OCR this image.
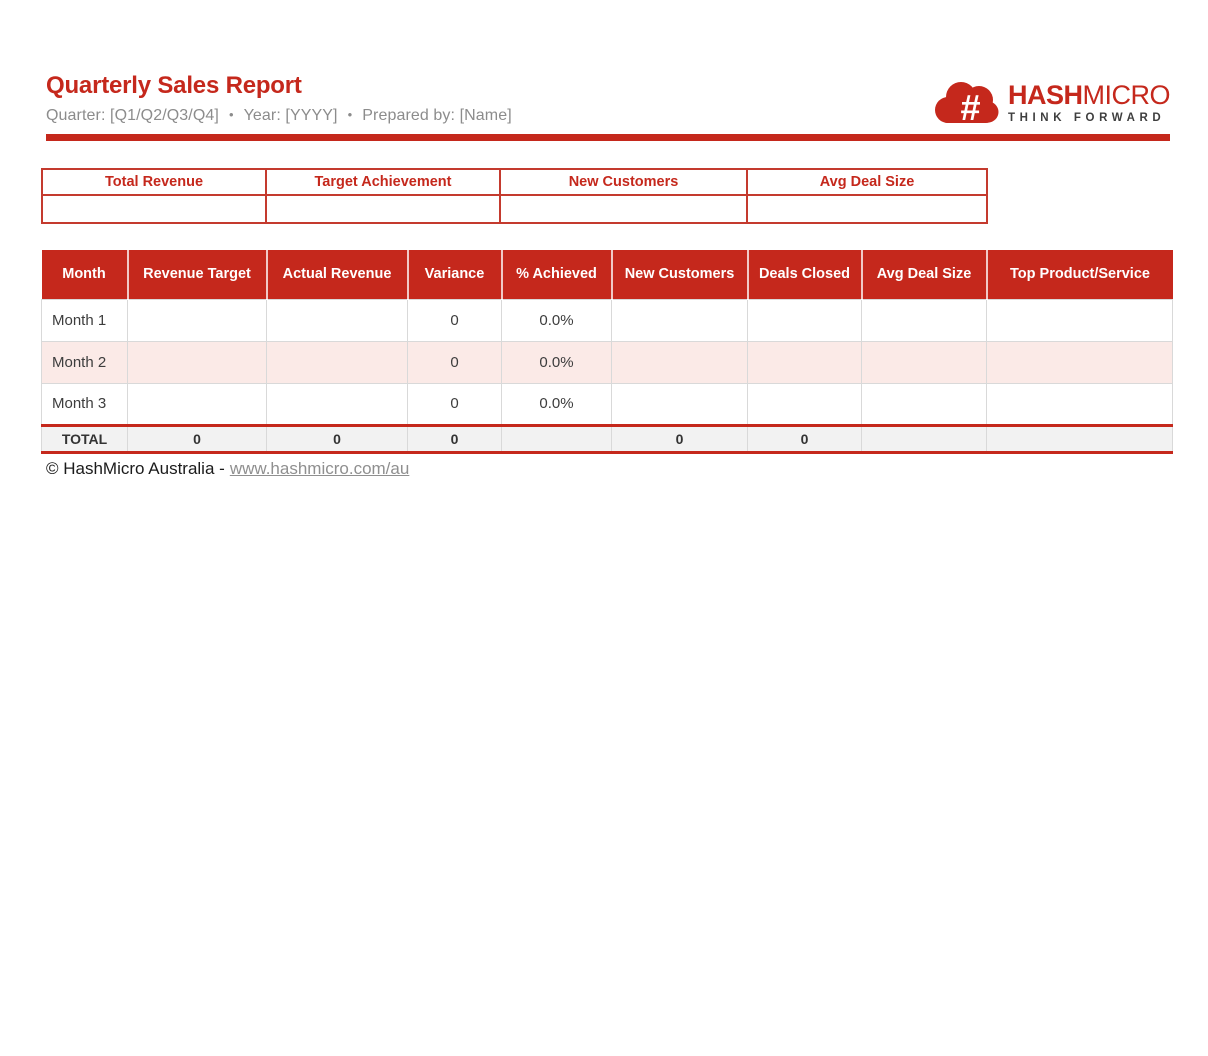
Quarterly Sales Report
Quarter: [Q1/Q2/Q3/Q4] • Year: [YYYY] • Prepared by: [Name]	# HASHMICRO
THINK FORWARD
Total Revenue	Target Achievement	New Customers	Avg Deal Size

Month	Revenue Target	Actual Revenue	Variance	% Achieved	New Customers	Deals Closed	Avg Deal Size	Top Product/Service
Month 1			0	0.0%				
Month 2			0	0.0%				
Month 3			0	0.0%				
TOTAL	0	0	0		0	0		
© HashMicro Australia - www.hashmicro.com/au
